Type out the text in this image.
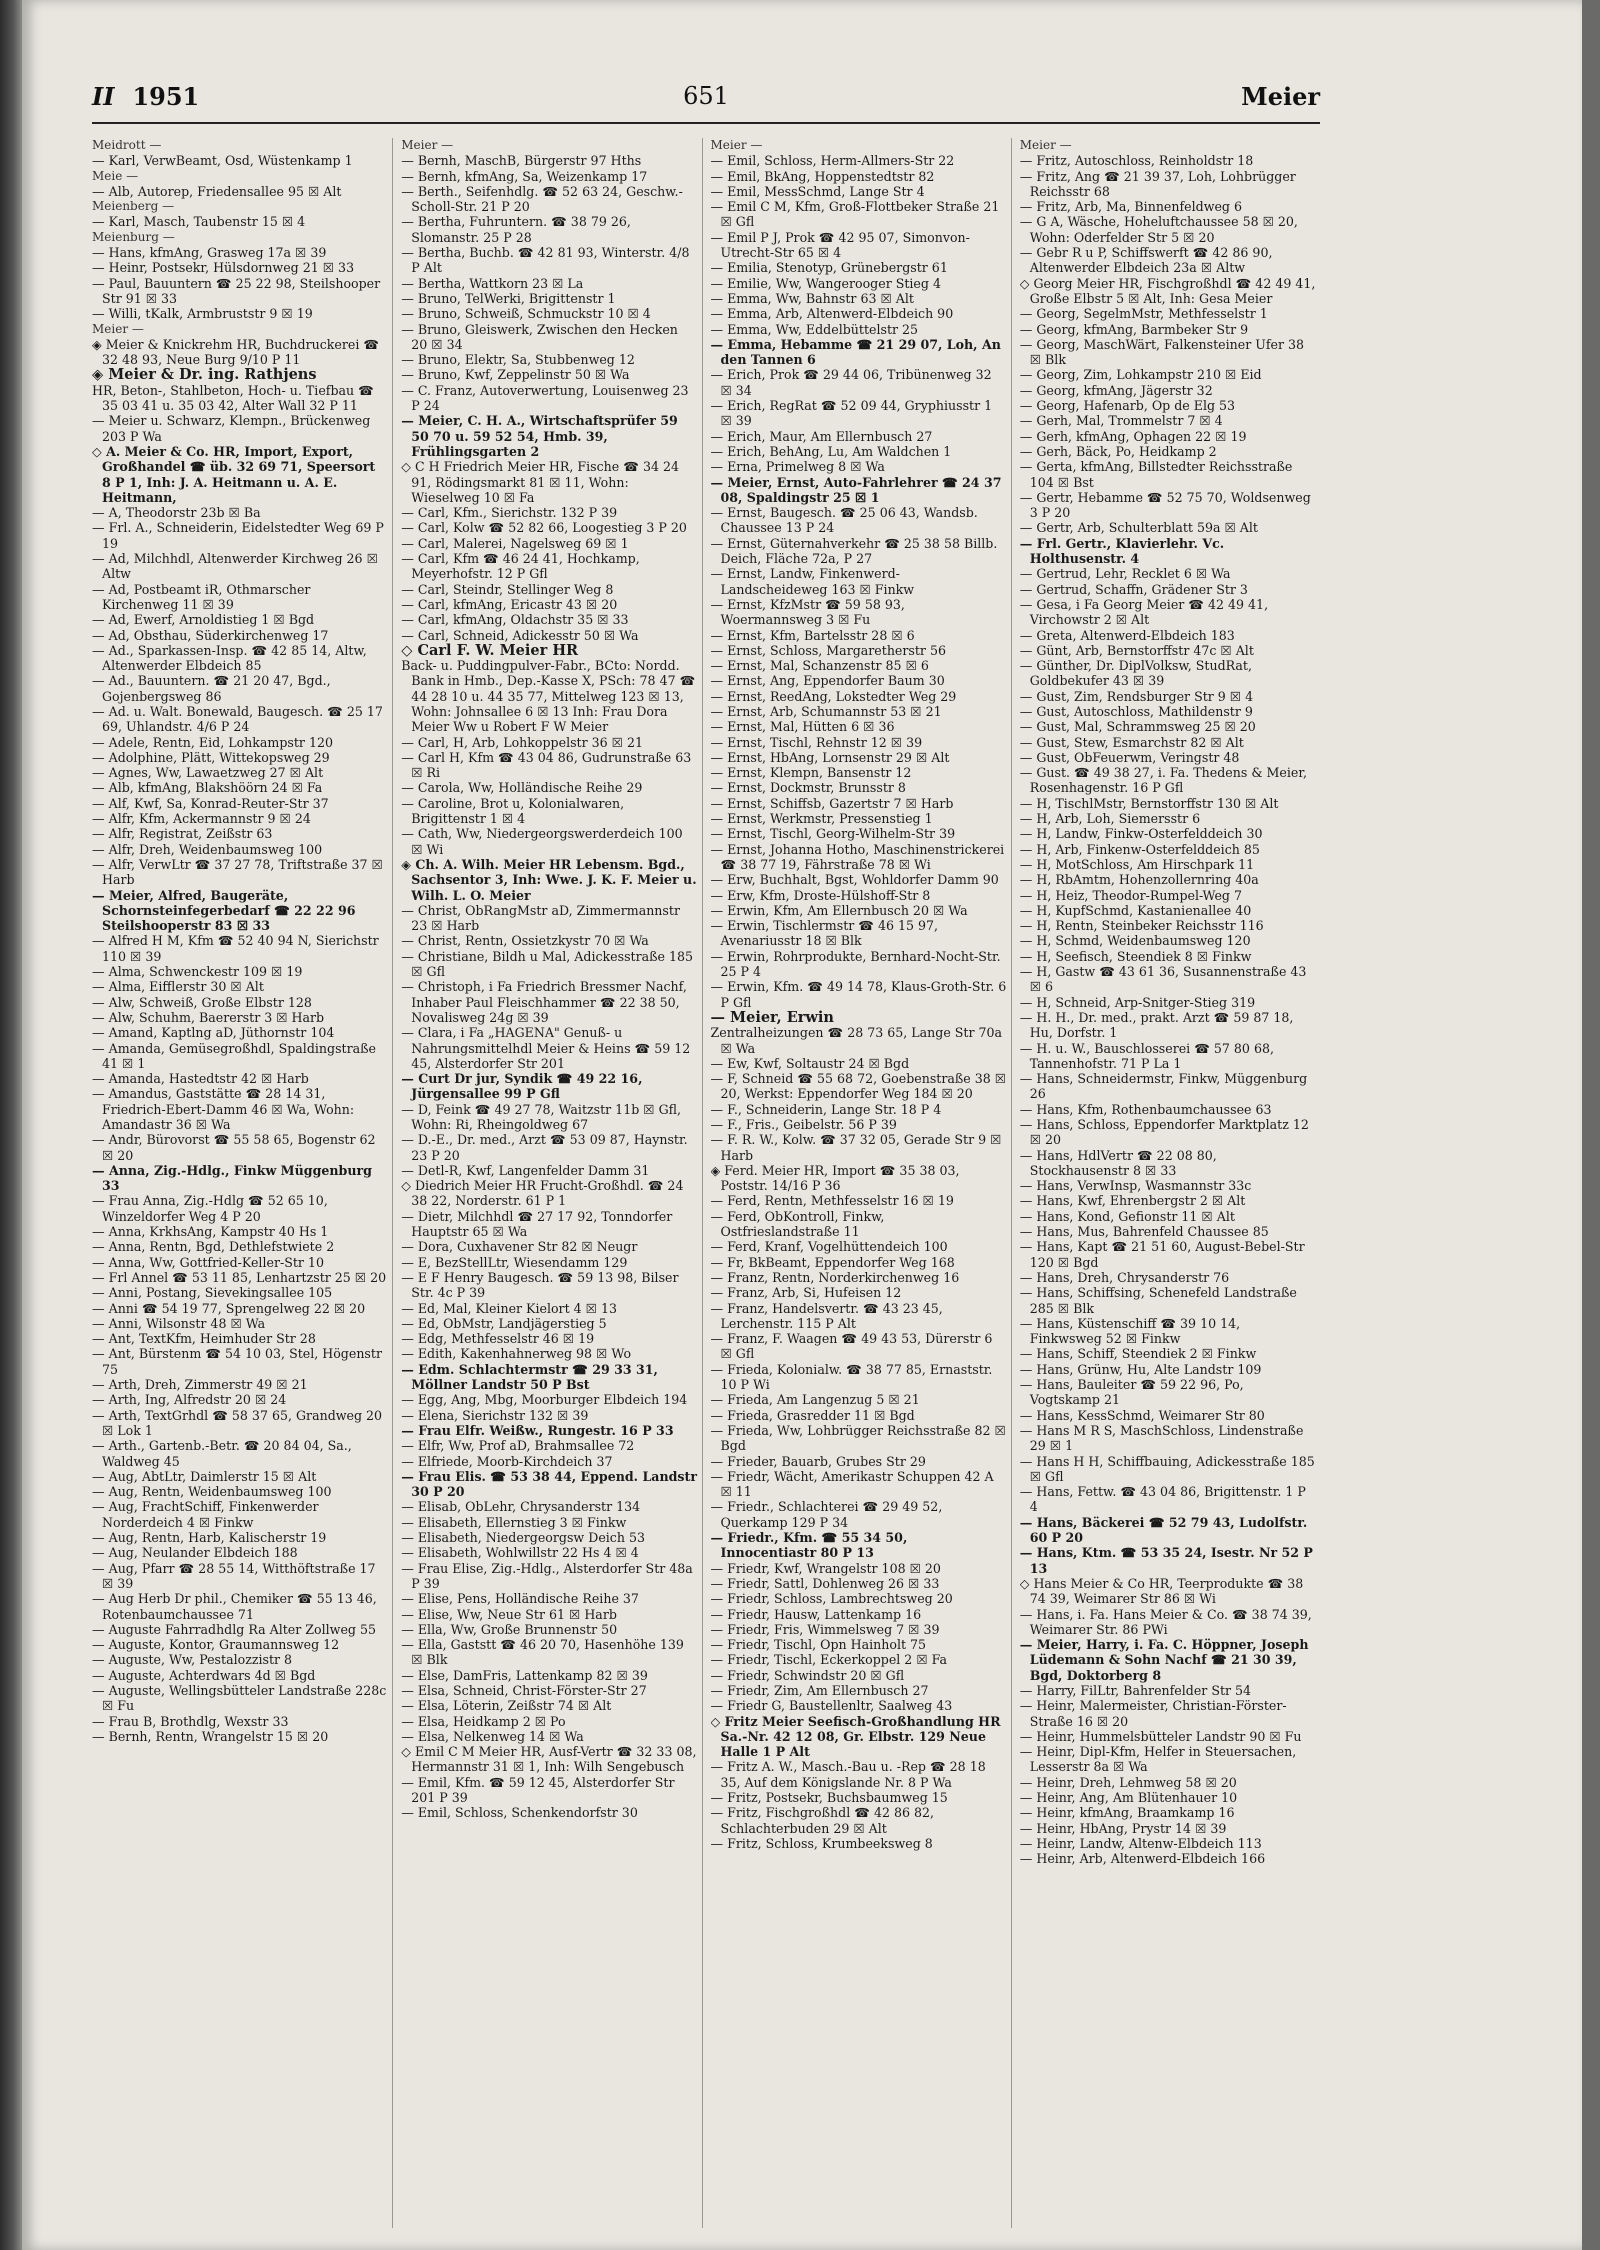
II 1951	651	Meier

Meidrott —

— Karl, VerwBeamt, Osd, Wüstenkamp 1

Meie —

— Alb, Autorep, Friedensallee 95 ☒ Alt

Meienberg —

— Karl, Masch, Taubenstr 15 ☒ 4

Meienburg —

— Hans, kfmAng, Grasweg 17a ☒ 39

— Heinr, Postsekr, Hülsdornweg 21 ☒ 33

— Paul, Bauuntern ☎ 25 22 98, Steilshooper Str 91 ☒ 33

— Willi, tKalk, Armbruststr 9 ☒ 19

Meier —

◈ Meier & Knickrehm HR, Buchdruckerei ☎ 32 48 93, Neue Burg 9/10 P 11

◈ Meier & Dr. ing. Rathjens

HR, Beton-, Stahlbeton, Hoch- u. Tiefbau ☎ 35 03 41 u. 35 03 42, Alter Wall 32 P 11

— Meier u. Schwarz, Klempn., Brückenweg 203 P Wa

◇ A. Meier & Co. HR, Import, Export, Großhandel ☎ üb. 32 69 71, Speersort 8 P 1, Inh: J. A. Heitmann u. A. E. Heitmann,

— A, Theodorstr 23b ☒ Ba

— Frl. A., Schneiderin, Eidelstedter Weg 69 P 19

— Ad, Milchhdl, Altenwerder Kirchweg 26 ☒ Altw

— Ad, Postbeamt iR, Othmarscher Kirchenweg 11 ☒ 39

— Ad, Ewerf, Arnoldistieg 1 ☒ Bgd

— Ad, Obsthau, Süderkirchenweg 17

— Ad., Sparkassen-Insp. ☎ 42 85 14, Altw, Altenwerder Elbdeich 85

— Ad., Bauuntern. ☎ 21 20 47, Bgd., Gojenbergsweg 86

— Ad. u. Walt. Bonewald, Baugesch. ☎ 25 17 69, Uhlandstr. 4/6 P 24

— Adele, Rentn, Eid, Lohkampstr 120

— Adolphine, Plätt, Wittekopsweg 29

— Agnes, Ww, Lawaetzweg 27 ☒ Alt

— Alb, kfmAng, Blakshöörn 24 ☒ Fa

— Alf, Kwf, Sa, Konrad-Reuter-Str 37

— Alfr, Kfm, Ackermannstr 9 ☒ 24

— Alfr, Registrat, Zeißstr 63

— Alfr, Dreh, Weidenbaumsweg 100

— Alfr, VerwLtr ☎ 37 27 78, Triftstraße 37 ☒ Harb

— Meier, Alfred, Baugeräte, Schornsteinfegerbedarf ☎ 22 22 96 Steilshooperstr 83 ☒ 33

— Alfred H M, Kfm ☎ 52 40 94 N, Sierichstr 110 ☒ 39

— Alma, Schwenckestr 109 ☒ 19

— Alma, Eifflerstr 30 ☒ Alt

— Alw, Schweiß, Große Elbstr 128

— Alw, Schuhm, Baererstr 3 ☒ Harb

— Amand, Kaptlng aD, Jüthornstr 104

— Amanda, Gemüsegroßhdl, Spaldingstraße 41 ☒ 1

— Amanda, Hastedtstr 42 ☒ Harb

— Amandus, Gaststätte ☎ 28 14 31, Friedrich-Ebert-Damm 46 ☒ Wa, Wohn: Amandastr 36 ☒ Wa

— Andr, Bürovorst ☎ 55 58 65, Bogenstr 62 ☒ 20

— Anna, Zig.-Hdlg., Finkw Müggenburg 33

— Frau Anna, Zig.-Hdlg ☎ 52 65 10, Winzeldorfer Weg 4 P 20

— Anna, KrkhsAng, Kampstr 40 Hs 1

— Anna, Rentn, Bgd, Dethlefstwiete 2

— Anna, Ww, Gottfried-Keller-Str 10

— Frl Annel ☎ 53 11 85, Lenhartzstr 25 ☒ 20

— Anni, Postang, Sievekingsallee 105

— Anni ☎ 54 19 77, Sprengelweg 22 ☒ 20

— Anni, Wilsonstr 48 ☒ Wa

— Ant, TextKfm, Heimhuder Str 28

— Ant, Bürstenm ☎ 54 10 03, Stel, Högenstr 75

— Arth, Dreh, Zimmerstr 49 ☒ 21

— Arth, Ing, Alfredstr 20 ☒ 24

— Arth, TextGrhdl ☎ 58 37 65, Grandweg 20 ☒ Lok 1

— Arth., Gartenb.-Betr. ☎ 20 84 04, Sa., Waldweg 45

— Aug, AbtLtr, Daimlerstr 15 ☒ Alt

— Aug, Rentn, Weidenbaumsweg 100

— Aug, FrachtSchiff, Finkenwerder Norderdeich 4 ☒ Finkw

— Aug, Rentn, Harb, Kalischerstr 19

— Aug, Neulander Elbdeich 188

— Aug, Pfarr ☎ 28 55 14, Witthöftstraße 17 ☒ 39

— Aug Herb Dr phil., Chemiker ☎ 55 13 46, Rotenbaumchaussee 71

— Auguste Fahrradhdlg Ra Alter Zollweg 55

— Auguste, Kontor, Graumannsweg 12

— Auguste, Ww, Pestalozzistr 8

— Auguste, Achterdwars 4d ☒ Bgd

— Auguste, Wellingsbütteler Landstraße 228c ☒ Fu

— Frau B, Brothdlg, Wexstr 33

— Bernh, Rentn, Wrangelstr 15 ☒ 20

Meier —

— Bernh, MaschB, Bürgerstr 97 Hths

— Bernh, kfmAng, Sa, Weizenkamp 17

— Berth., Seifenhdlg. ☎ 52 63 24, Geschw.-Scholl-Str. 21 P 20

— Bertha, Fuhruntern. ☎ 38 79 26, Slomanstr. 25 P 28

— Bertha, Buchb. ☎ 42 81 93, Winterstr. 4/8 P Alt

— Bertha, Wattkorn 23 ☒ La

— Bruno, TelWerki, Brigittenstr 1

— Bruno, Schweiß, Schmuckstr 10 ☒ 4

— Bruno, Gleiswerk, Zwischen den Hecken 20 ☒ 34

— Bruno, Elektr, Sa, Stubbenweg 12

— Bruno, Kwf, Zeppelinstr 50 ☒ Wa

— C. Franz, Autoverwertung, Louisenweg 23 P 24

— Meier, C. H. A., Wirtschaftsprüfer 59 50 70 u. 59 52 54, Hmb. 39, Frühlingsgarten 2

◇ C H Friedrich Meier HR, Fische ☎ 34 24 91, Rödingsmarkt 81 ☒ 11, Wohn: Wieselweg 10 ☒ Fa

— Carl, Kfm., Sierichstr. 132 P 39

— Carl, Kolw ☎ 52 82 66, Loogestieg 3 P 20

— Carl, Malerei, Nagelsweg 69 ☒ 1

— Carl, Kfm ☎ 46 24 41, Hochkamp, Meyerhofstr. 12 P Gfl

— Carl, Steindr, Stellinger Weg 8

— Carl, kfmAng, Ericastr 43 ☒ 20

— Carl, kfmAng, Oldachstr 35 ☒ 33

— Carl, Schneid, Adickesstr 50 ☒ Wa

◇ Carl F. W. Meier HR

Back- u. Puddingpulver-Fabr., BCto: Nordd. Bank in Hmb., Dep.-Kasse X, PSch: 78 47 ☎ 44 28 10 u. 44 35 77, Mittelweg 123 ☒ 13, Wohn: Johnsallee 6 ☒ 13 Inh: Frau Dora Meier Ww u Robert F W Meier

— Carl, H, Arb, Lohkoppelstr 36 ☒ 21

— Carl H, Kfm ☎ 43 04 86, Gudrunstraße 63 ☒ Ri

— Carola, Ww, Holländische Reihe 29

— Caroline, Brot u, Kolonialwaren, Brigittenstr 1 ☒ 4

— Cath, Ww, Niedergeorgswerderdeich 100 ☒ Wi

◈ Ch. A. Wilh. Meier HR Lebensm. Bgd., Sachsentor 3, Inh: Wwe. J. K. F. Meier u. Wilh. L. O. Meier

— Christ, ObRangMstr aD, Zimmermannstr 23 ☒ Harb

— Christ, Rentn, Ossietzkystr 70 ☒ Wa

— Christiane, Bildh u Mal, Adickesstraße 185 ☒ Gfl

— Christoph, i Fa Friedrich Bressmer Nachf, Inhaber Paul Fleischhammer ☎ 22 38 50, Novalisweg 24g ☒ 39

— Clara, i Fa „HAGENA" Genuß- u Nahrungsmittelhdl Meier & Heins ☎ 59 12 45, Alsterdorfer Str 201

— Curt Dr jur, Syndik ☎ 49 22 16, Jürgensallee 99 P Gfl

— D, Feink ☎ 49 27 78, Waitzstr 11b ☒ Gfl, Wohn: Ri, Rheingoldweg 67

— D.-E., Dr. med., Arzt ☎ 53 09 87, Haynstr. 23 P 20

— Detl-R, Kwf, Langenfelder Damm 31

◇ Diedrich Meier HR Frucht-Großhdl. ☎ 24 38 22, Norderstr. 61 P 1

— Dietr, Milchhdl ☎ 27 17 92, Tonndorfer Hauptstr 65 ☒ Wa

— Dora, Cuxhavener Str 82 ☒ Neugr

— E, BezStellLtr, Wiesendamm 129

— E F Henry Baugesch. ☎ 59 13 98, Bilser Str. 4c P 39

— Ed, Mal, Kleiner Kielort 4 ☒ 13

— Ed, ObMstr, Landjägerstieg 5

— Edg, Methfesselstr 46 ☒ 19

— Edith, Kakenhahnerweg 98 ☒ Wo

— Edm. Schlachtermstr ☎ 29 33 31, Möllner Landstr 50 P Bst

— Egg, Ang, Mbg, Moorburger Elbdeich 194

— Elena, Sierichstr 132 ☒ 39

— Frau Elfr. Weißw., Rungestr. 16 P 33

— Elfr, Ww, Prof aD, Brahmsallee 72

— Elfriede, Moorb-Kirchdeich 37

— Frau Elis. ☎ 53 38 44, Eppend. Landstr 30 P 20

— Elisab, ObLehr, Chrysanderstr 134

— Elisabeth, Ellernstieg 3 ☒ Finkw

— Elisabeth, Niedergeorgsw Deich 53

— Elisabeth, Wohlwillstr 22 Hs 4 ☒ 4

— Frau Elise, Zig.-Hdlg., Alsterdorfer Str 48a P 39

— Elise, Pens, Holländische Reihe 37

— Elise, Ww, Neue Str 61 ☒ Harb

— Ella, Ww, Große Brunnenstr 50

— Ella, Gaststt ☎ 46 20 70, Hasenhöhe 139 ☒ Blk

— Else, DamFris, Lattenkamp 82 ☒ 39

— Elsa, Schneid, Christ-Förster-Str 27

— Elsa, Löterin, Zeißstr 74 ☒ Alt

— Elsa, Heidkamp 2 ☒ Po

— Elsa, Nelkenweg 14 ☒ Wa

◇ Emil C M Meier HR, Ausf-Vertr ☎ 32 33 08, Hermannstr 31 ☒ 1, Inh: Wilh Sengebusch

— Emil, Kfm. ☎ 59 12 45, Alsterdorfer Str 201 P 39

— Emil, Schloss, Schenkendorfstr 30

Meier —

— Emil, Schloss, Herm-Allmers-Str 22

— Emil, BkAng, Hoppenstedtstr 82

— Emil, MessSchmd, Lange Str 4

— Emil C M, Kfm, Groß-Flottbeker Straße 21 ☒ Gfl

— Emil P J, Prok ☎ 42 95 07, Simonvon-Utrecht-Str 65 ☒ 4

— Emilia, Stenotyp, Grünebergstr 61

— Emilie, Ww, Wangerooger Stieg 4

— Emma, Ww, Bahnstr 63 ☒ Alt

— Emma, Arb, Altenwerd-Elbdeich 90

— Emma, Ww, Eddelbüttelstr 25

— Emma, Hebamme ☎ 21 29 07, Loh, An den Tannen 6

— Erich, Prok ☎ 29 44 06, Tribünenweg 32 ☒ 34

— Erich, RegRat ☎ 52 09 44, Gryphiusstr 1 ☒ 39

— Erich, Maur, Am Ellernbusch 27

— Erich, BehAng, Lu, Am Waldchen 1

— Erna, Primelweg 8 ☒ Wa

— Meier, Ernst, Auto-Fahrlehrer ☎ 24 37 08, Spaldingstr 25 ☒ 1

— Ernst, Baugesch. ☎ 25 06 43, Wandsb. Chaussee 13 P 24

— Ernst, Güternahverkehr ☎ 25 38 58 Billb. Deich, Fläche 72a, P 27

— Ernst, Landw, Finkenwerd-Landscheideweg 163 ☒ Finkw

— Ernst, KfzMstr ☎ 59 58 93, Woermannsweg 3 ☒ Fu

— Ernst, Kfm, Bartelsstr 28 ☒ 6

— Ernst, Schloss, Margaretherstr 56

— Ernst, Mal, Schanzenstr 85 ☒ 6

— Ernst, Ang, Eppendorfer Baum 30

— Ernst, ReedAng, Lokstedter Weg 29

— Ernst, Arb, Schumannstr 53 ☒ 21

— Ernst, Mal, Hütten 6 ☒ 36

— Ernst, Tischl, Rehnstr 12 ☒ 39

— Ernst, HbAng, Lornsenstr 29 ☒ Alt

— Ernst, Klempn, Bansenstr 12

— Ernst, Dockmstr, Brunsstr 8

— Ernst, Schiffsb, Gazertstr 7 ☒ Harb

— Ernst, Werkmstr, Pressenstieg 1

— Ernst, Tischl, Georg-Wilhelm-Str 39

— Ernst, Johanna Hotho, Maschinenstrickerei ☎ 38 77 19, Fährstraße 78 ☒ Wi

— Erw, Buchhalt, Bgst, Wohldorfer Damm 90

— Erw, Kfm, Droste-Hülshoff-Str 8

— Erwin, Kfm, Am Ellernbusch 20 ☒ Wa

— Erwin, Tischlermstr ☎ 46 15 97, Avenariusstr 18 ☒ Blk

— Erwin, Rohrprodukte, Bernhard-Nocht-Str. 25 P 4

— Erwin, Kfm. ☎ 49 14 78, Klaus-Groth-Str. 6 P Gfl

— Meier, Erwin

Zentralheizungen ☎ 28 73 65, Lange Str 70a ☒ Wa

— Ew, Kwf, Soltaustr 24 ☒ Bgd

— F, Schneid ☎ 55 68 72, Goebenstraße 38 ☒ 20, Werkst: Eppendorfer Weg 184 ☒ 20

— F., Schneiderin, Lange Str. 18 P 4

— F., Fris., Geibelstr. 56 P 39

— F. R. W., Kolw. ☎ 37 32 05, Gerade Str 9 ☒ Harb

◈ Ferd. Meier HR, Import ☎ 35 38 03, Poststr. 14/16 P 36

— Ferd, Rentn, Methfesselstr 16 ☒ 19

— Ferd, ObKontroll, Finkw, Ostfrieslandstraße 11

— Ferd, Kranf, Vogelhüttendeich 100

— Fr, BkBeamt, Eppendorfer Weg 168

— Franz, Rentn, Norderkirchenweg 16

— Franz, Arb, Si, Hufeisen 12

— Franz, Handelsvertr. ☎ 43 23 45, Lerchenstr. 115 P Alt

— Franz, F. Waagen ☎ 49 43 53, Dürerstr 6 ☒ Gfl

— Frieda, Kolonialw. ☎ 38 77 85, Ernaststr. 10 P Wi

— Frieda, Am Langenzug 5 ☒ 21

— Frieda, Grasredder 11 ☒ Bgd

— Frieda, Ww, Lohbrügger Reichsstraße 82 ☒ Bgd

— Frieder, Bauarb, Grubes Str 29

— Friedr, Wächt, Amerikastr Schuppen 42 A ☒ 11

— Friedr., Schlachterei ☎ 29 49 52, Querkamp 129 P 34

— Friedr., Kfm. ☎ 55 34 50, Innocentiastr 80 P 13

— Friedr, Kwf, Wrangelstr 108 ☒ 20

— Friedr, Sattl, Dohlenweg 26 ☒ 33

— Friedr, Schloss, Lambrechtsweg 20

— Friedr, Hausw, Lattenkamp 16

— Friedr, Fris, Wimmelsweg 7 ☒ 39

— Friedr, Tischl, Opn Hainholt 75

— Friedr, Tischl, Eckerkoppel 2 ☒ Fa

— Friedr, Schwindstr 20 ☒ Gfl

— Friedr, Zim, Am Ellernbusch 27

— Friedr G, Baustellenltr, Saalweg 43

◇ Fritz Meier Seefisch-Großhandlung HR Sa.-Nr. 42 12 08, Gr. Elbstr. 129 Neue Halle 1 P Alt

— Fritz A. W., Masch.-Bau u. -Rep ☎ 28 18 35, Auf dem Königslande Nr. 8 P Wa

— Fritz, Postsekr, Buchsbaumweg 15

— Fritz, Fischgroßhdl ☎ 42 86 82, Schlachterbuden 29 ☒ Alt

— Fritz, Schloss, Krumbeeksweg 8

Meier —

— Fritz, Autoschloss, Reinholdstr 18

— Fritz, Ang ☎ 21 39 37, Loh, Lohbrügger Reichsstr 68

— Fritz, Arb, Ma, Binnenfeldweg 6

— G A, Wäsche, Hoheluftchaussee 58 ☒ 20, Wohn: Oderfelder Str 5 ☒ 20

— Gebr R u P, Schiffswerft ☎ 42 86 90, Altenwerder Elbdeich 23a ☒ Altw

◇ Georg Meier HR, Fischgroßhdl ☎ 42 49 41, Große Elbstr 5 ☒ Alt, Inh: Gesa Meier

— Georg, SegelmMstr, Methfesselstr 1

— Georg, kfmAng, Barmbeker Str 9

— Georg, MaschWärt, Falkensteiner Ufer 38 ☒ Blk

— Georg, Zim, Lohkampstr 210 ☒ Eid

— Georg, kfmAng, Jägerstr 32

— Georg, Hafenarb, Op de Elg 53

— Gerh, Mal, Trommelstr 7 ☒ 4

— Gerh, kfmAng, Ophagen 22 ☒ 19

— Gerh, Bäck, Po, Heidkamp 2

— Gerta, kfmAng, Billstedter Reichsstraße 104 ☒ Bst

— Gertr, Hebamme ☎ 52 75 70, Woldsenweg 3 P 20

— Gertr, Arb, Schulterblatt 59a ☒ Alt

— Frl. Gertr., Klavierlehr. Vc. Holthusenstr. 4

— Gertrud, Lehr, Recklet 6 ☒ Wa

— Gertrud, Schaffn, Grädener Str 3

— Gesa, i Fa Georg Meier ☎ 42 49 41, Virchowstr 2 ☒ Alt

— Greta, Altenwerd-Elbdeich 183

— Günt, Arb, Bernstorffstr 47c ☒ Alt

— Günther, Dr. DiplVolksw, StudRat, Goldbekufer 43 ☒ 39

— Gust, Zim, Rendsburger Str 9 ☒ 4

— Gust, Autoschloss, Mathildenstr 9

— Gust, Mal, Schrammsweg 25 ☒ 20

— Gust, Stew, Esmarchstr 82 ☒ Alt

— Gust, ObFeuerwm, Veringstr 48

— Gust. ☎ 49 38 27, i. Fa. Thedens & Meier, Rosenhagenstr. 16 P Gfl

— H, TischlMstr, Bernstorffstr 130 ☒ Alt

— H, Arb, Loh, Siemersstr 6

— H, Landw, Finkw-Osterfelddeich 30

— H, Arb, Finkenw-Osterfelddeich 85

— H, MotSchloss, Am Hirschpark 11

— H, RbAmtm, Hohenzollernring 40a

— H, Heiz, Theodor-Rumpel-Weg 7

— H, KupfSchmd, Kastanienallee 40

— H, Rentn, Steinbeker Reichsstr 116

— H, Schmd, Weidenbaumsweg 120

— H, Seefisch, Steendiek 8 ☒ Finkw

— H, Gastw ☎ 43 61 36, Susannenstraße 43 ☒ 6

— H, Schneid, Arp-Snitger-Stieg 319

— H. H., Dr. med., prakt. Arzt ☎ 59 87 18, Hu, Dorfstr. 1

— H. u. W., Bauschlosserei ☎ 57 80 68, Tannenhofstr. 71 P La 1

— Hans, Schneidermstr, Finkw, Müggenburg 26

— Hans, Kfm, Rothenbaumchaussee 63

— Hans, Schloss, Eppendorfer Marktplatz 12 ☒ 20

— Hans, HdlVertr ☎ 22 08 80, Stockhausenstr 8 ☒ 33

— Hans, VerwInsp, Wasmannstr 33c

— Hans, Kwf, Ehrenbergstr 2 ☒ Alt

— Hans, Kond, Gefionstr 11 ☒ Alt

— Hans, Mus, Bahrenfeld Chaussee 85

— Hans, Kapt ☎ 21 51 60, August-Bebel-Str 120 ☒ Bgd

— Hans, Dreh, Chrysanderstr 76

— Hans, Schiffsing, Schenefeld Landstraße 285 ☒ Blk

— Hans, Küstenschiff ☎ 39 10 14, Finkwsweg 52 ☒ Finkw

— Hans, Schiff, Steendiek 2 ☒ Finkw

— Hans, Grünw, Hu, Alte Landstr 109

— Hans, Bauleiter ☎ 59 22 96, Po, Vogtskamp 21

— Hans, KessSchmd, Weimarer Str 80

— Hans M R S, MaschSchloss, Lindenstraße 29 ☒ 1

— Hans H H, Schiffbauing, Adickesstraße 185 ☒ Gfl

— Hans, Fettw. ☎ 43 04 86, Brigittenstr. 1 P 4

— Hans, Bäckerei ☎ 52 79 43, Ludolfstr. 60 P 20

— Hans, Ktm. ☎ 53 35 24, Isestr. Nr 52 P 13

◇ Hans Meier & Co HR, Teerprodukte ☎ 38 74 39, Weimarer Str 86 ☒ Wi

— Hans, i. Fa. Hans Meier & Co. ☎ 38 74 39, Weimarer Str. 86 PWi

— Meier, Harry, i. Fa. C. Höppner, Joseph Lüdemann & Sohn Nachf ☎ 21 30 39, Bgd, Doktorberg 8

— Harry, FilLtr, Bahrenfelder Str 54

— Heinr, Malermeister, Christian-Förster-Straße 16 ☒ 20

— Heinr, Hummelsbütteler Landstr 90 ☒ Fu

— Heinr, Dipl-Kfm, Helfer in Steuersachen, Lesserstr 8a ☒ Wa

— Heinr, Dreh, Lehmweg 58 ☒ 20

— Heinr, Ang, Am Blütenhauer 10

— Heinr, kfmAng, Braamkamp 16

— Heinr, HbAng, Prystr 14 ☒ 39

— Heinr, Landw, Altenw-Elbdeich 113

— Heinr, Arb, Altenwerd-Elbdeich 166
